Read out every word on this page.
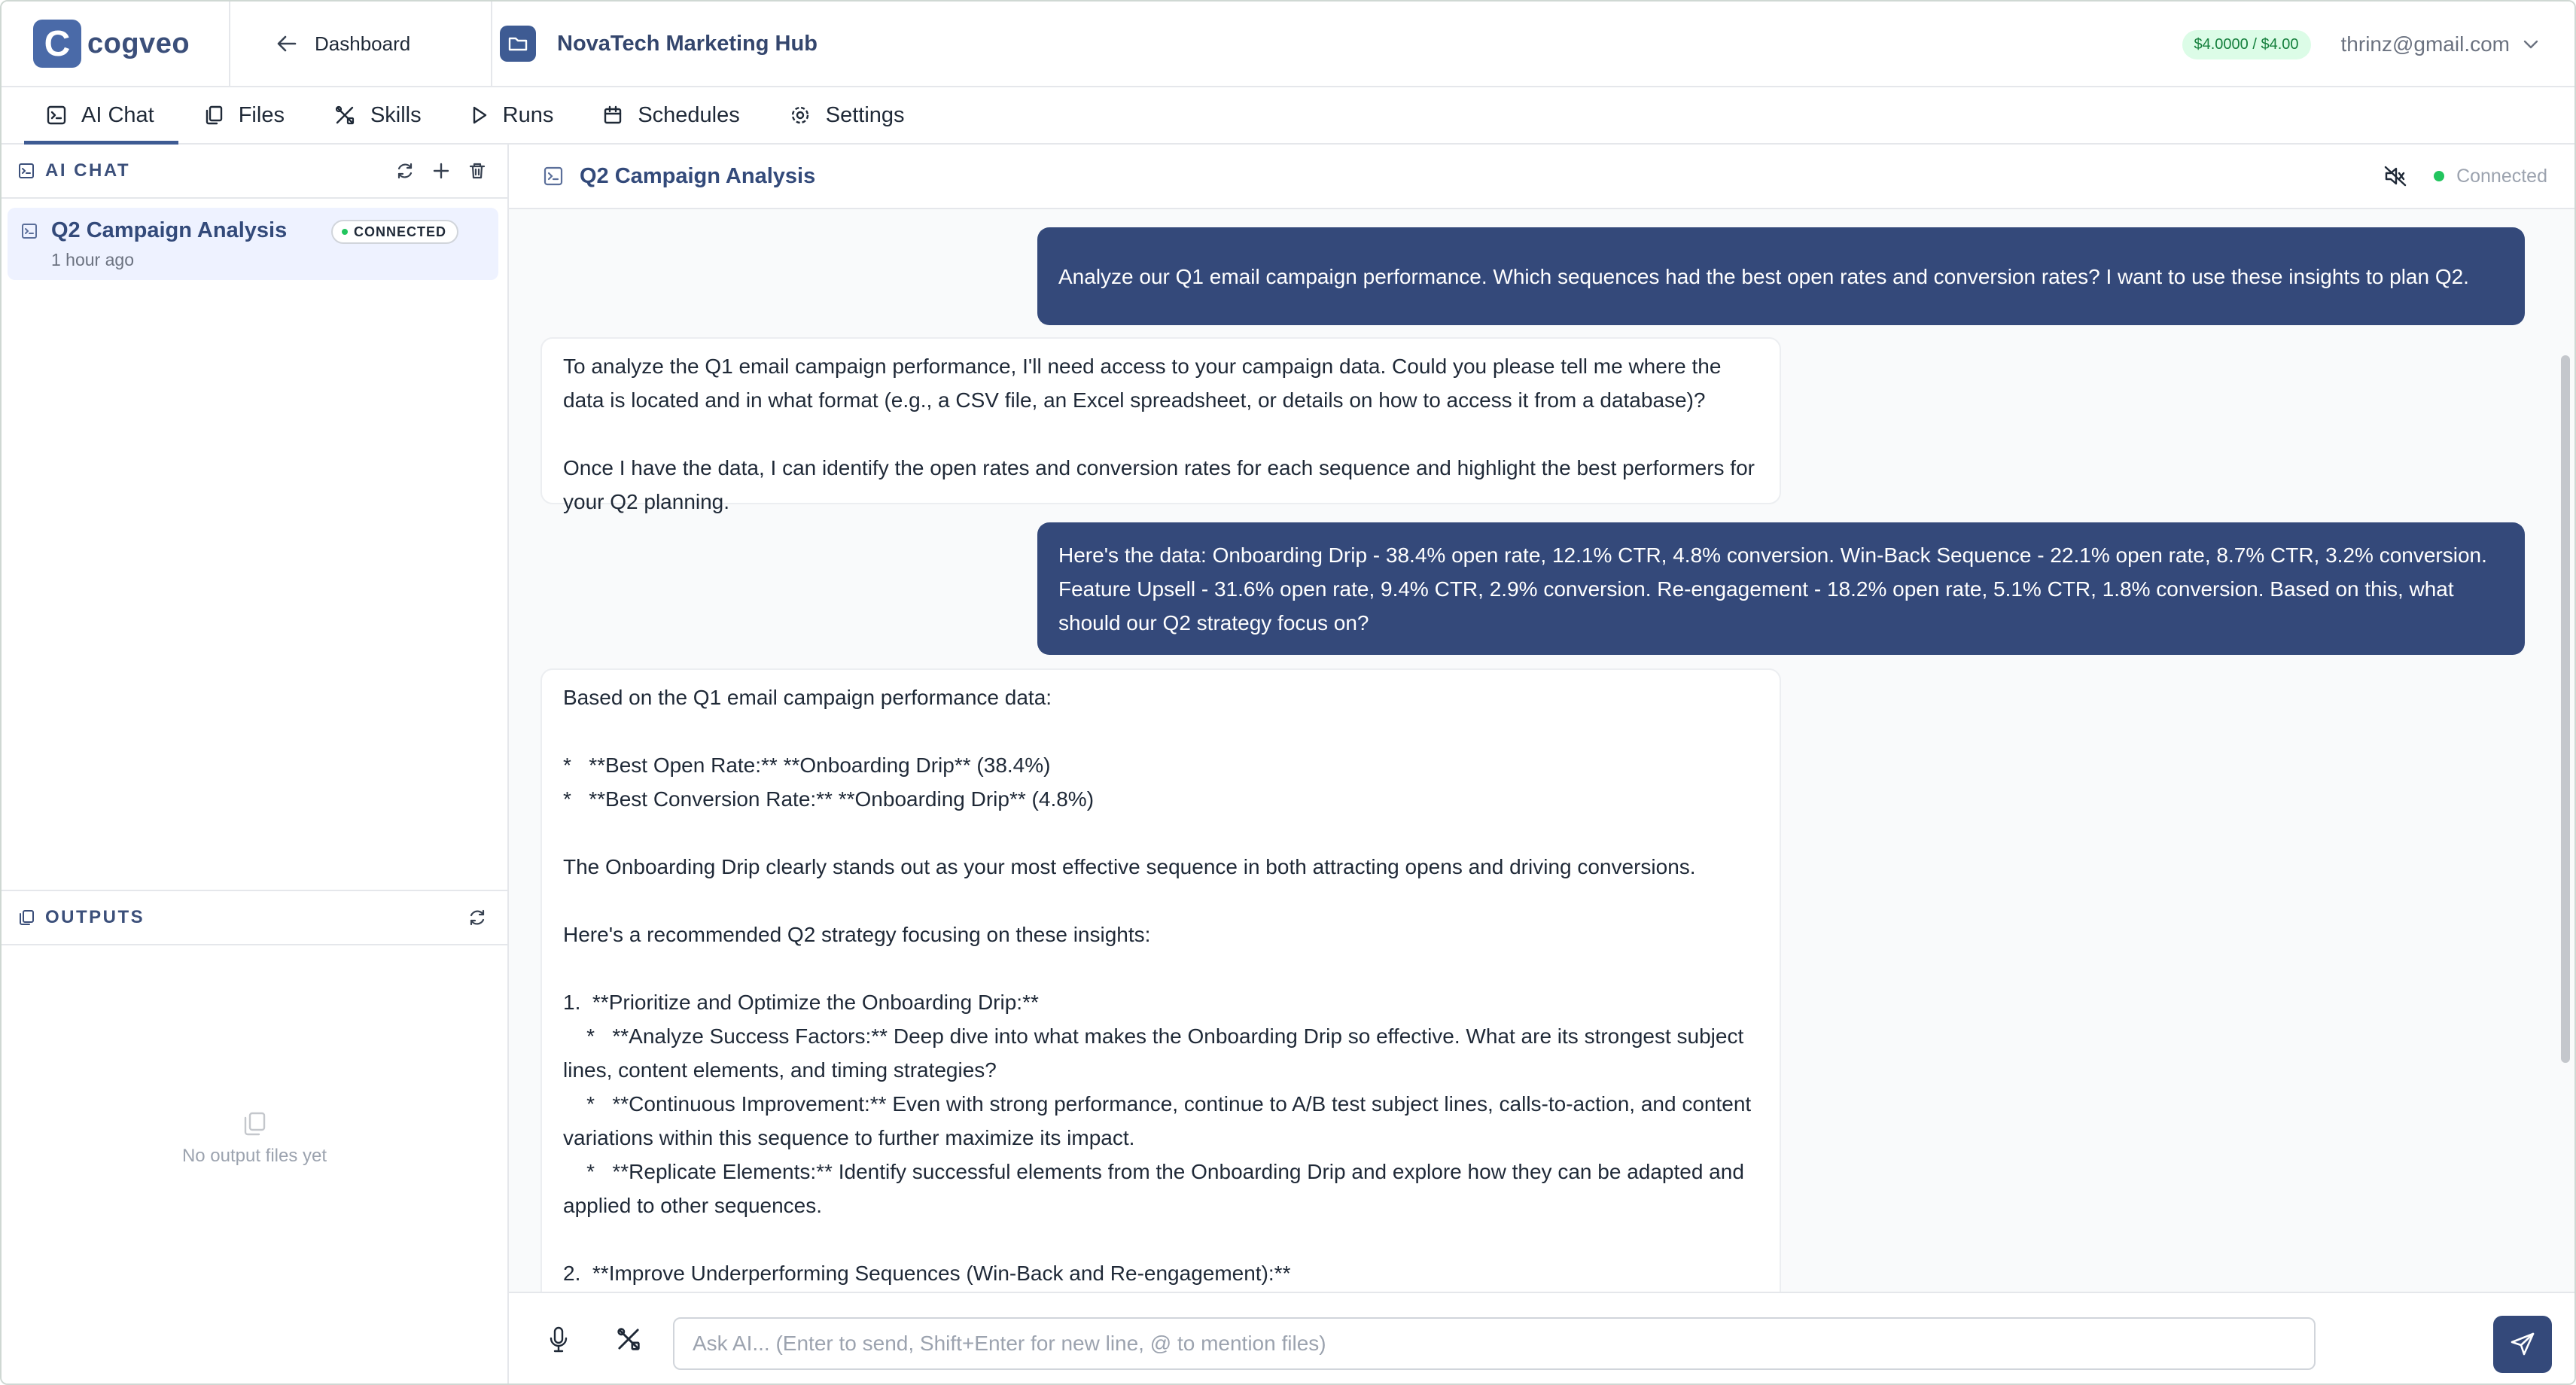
C cogveo	Dashboard	NovaTech Marketing Hub	$4.0000 / $4.00	thrinz@gmail.com
AI Chat	Files	Skills	Runs	Schedules	Settings
AI CHAT
Q2 Campaign Analysis
1 hour ago
CONNECTED
OUTPUTS
No output files yet
Q2 Campaign Analysis	Connected
Analyze our Q1 email campaign performance. Which sequences had the best open rates and conversion rates? I want to use these insights to plan Q2.
To analyze the Q1 email campaign performance, I'll need access to your campaign data. Could you please tell me where the data is located and in what format (e.g., a CSV file, an Excel spreadsheet, or details on how to access it from a database)?

Once I have the data, I can identify the open rates and conversion rates for each sequence and highlight the best performers for your Q2 planning.
Here's the data: Onboarding Drip - 38.4% open rate, 12.1% CTR, 4.8% conversion. Win-Back Sequence - 22.1% open rate, 8.7% CTR, 3.2% conversion. Feature Upsell - 31.6% open rate, 9.4% CTR, 2.9% conversion. Re-engagement - 18.2% open rate, 5.1% CTR, 1.8% conversion. Based on this, what should our Q2 strategy focus on?
Based on the Q1 email campaign performance data:

*   **Best Open Rate:** **Onboarding Drip** (38.4%)
*   **Best Conversion Rate:** **Onboarding Drip** (4.8%)

The Onboarding Drip clearly stands out as your most effective sequence in both attracting opens and driving conversions.

Here's a recommended Q2 strategy focusing on these insights:

1.  **Prioritize and Optimize the Onboarding Drip:**
*   **Analyze Success Factors:** Deep dive into what makes the Onboarding Drip so effective. What are its strongest subject lines, content elements, and timing strategies?
*   **Continuous Improvement:** Even with strong performance, continue to A/B test subject lines, calls-to-action, and content variations within this sequence to further maximize its impact.
*   **Replicate Elements:** Identify successful elements from the Onboarding Drip and explore how they can be adapted and applied to other sequences.

2.  **Improve Underperforming Sequences (Win-Back and Re-engagement):**
Ask AI... (Enter to send, Shift+Enter for new line, @ to mention files)
